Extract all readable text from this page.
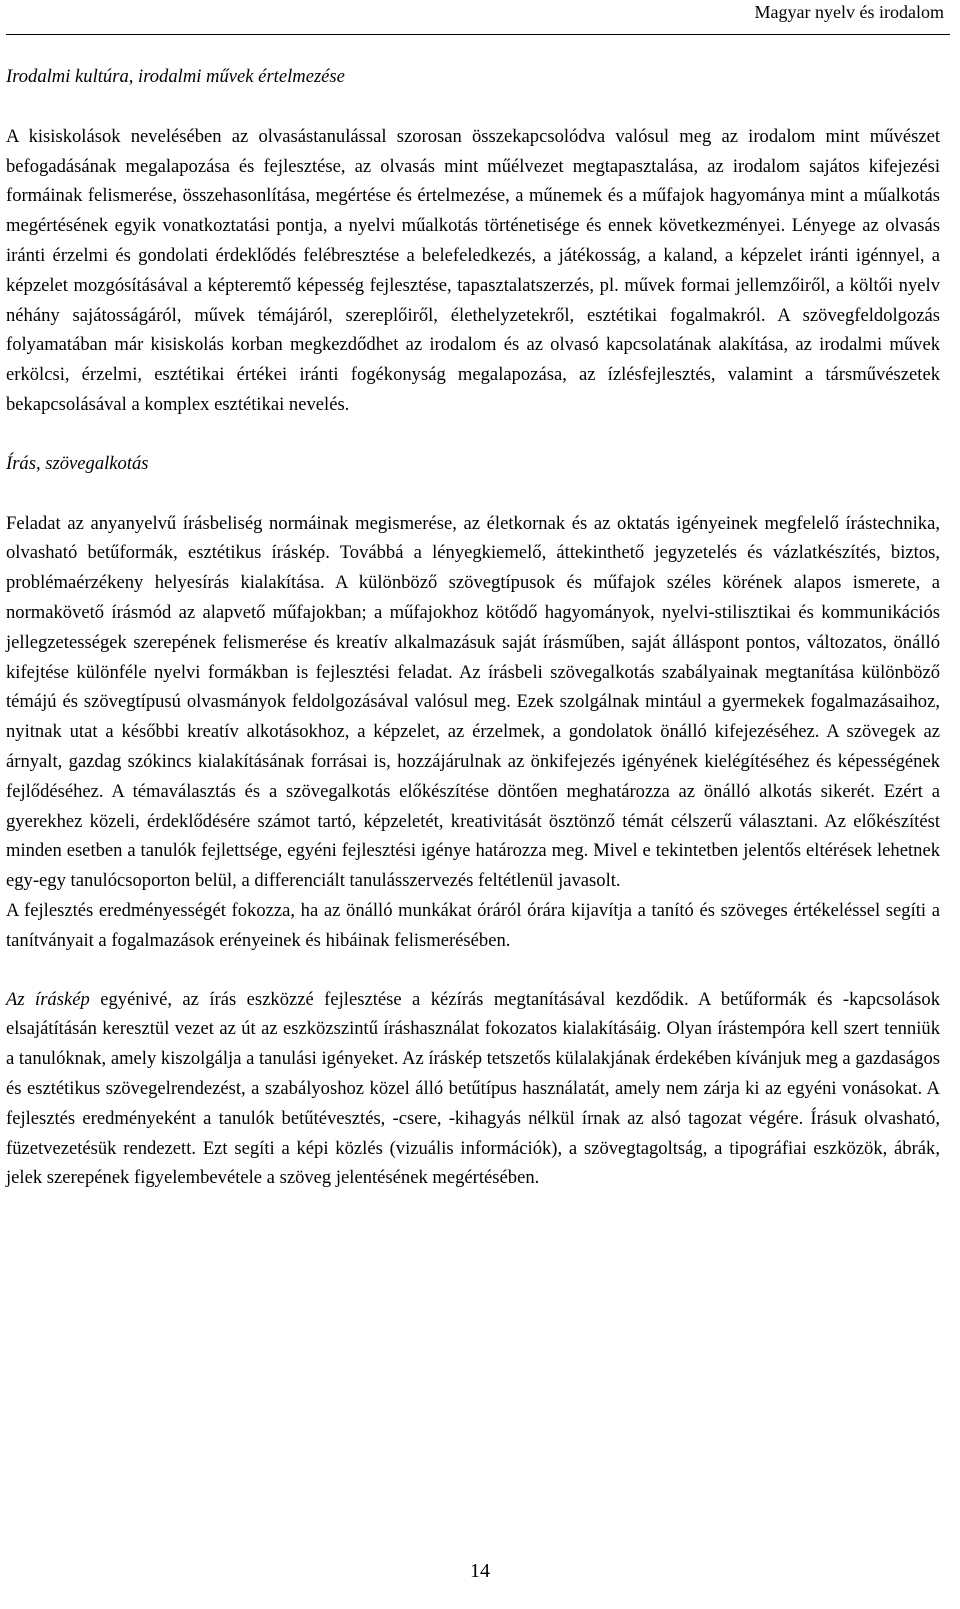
Magyar nyelv és irodalom

Irodalmi kultúra, irodalmi művek értelmezése

A kisiskolások nevelésében az olvasástanulással szorosan összekapcsolódva valósul meg az irodalom mint művészet befogadásának megalapozása és fejlesztése, az olvasás mint műélvezet megtapasztalása, az irodalom sajátos kifejezési formáinak felismerése, összehasonlítása, megértése és értelmezése, a műnemek és a műfajok hagyománya mint a műalkotás megértésének egyik vonatkoztatási pontja, a nyelvi műalkotás történetisége és ennek következményei. Lényege az olvasás iránti érzelmi és gondolati érdeklődés felébresztése a belefeledkezés, a játékosság, a kaland, a képzelet iránti igénnyel, a képzelet mozgósításával a képteremtő képesség fejlesztése, tapasztalatszerzés, pl. művek formai jellemzőiről, a költői nyelv néhány sajátosságáról, művek témájáról, szereplőiről, élethelyzetekről, esztétikai fogalmakról. A szövegfeldolgozás folyamatában már kisiskolás korban megkezdődhet az irodalom és az olvasó kapcsolatának alakítása, az irodalmi művek erkölcsi, érzelmi, esztétikai értékei iránti fogékonyság megalapozása, az ízlésfejlesztés, valamint a társművészetek bekapcsolásával a komplex esztétikai nevelés.

Írás, szövegalkotás

Feladat az anyanyelvű írásbeliség normáinak megismerése, az életkornak és az oktatás igényeinek megfelelő írástechnika, olvasható betűformák, esztétikus íráskép. Továbbá a lényegkiemelő, áttekinthető jegyzetelés és vázlatkészítés, biztos, problémaérzékeny helyesírás kialakítása. A különböző szövegtípusok és műfajok széles körének alapos ismerete, a normakövető írásmód az alapvető műfajokban; a műfajokhoz kötődő hagyományok, nyelvi-stilisztikai és kommunikációs jellegzetességek szerepének felismerése és kreatív alkalmazásuk saját írásműben, saját álláspont pontos, változatos, önálló kifejtése különféle nyelvi formákban is fejlesztési feladat. Az írásbeli szövegalkotás szabályainak megtanítása különböző témájú és szövegtípusú olvasmányok feldolgozásával valósul meg. Ezek szolgálnak mintául a gyermekek fogalmazásaihoz, nyitnak utat a későbbi kreatív alkotásokhoz, a képzelet, az érzelmek, a gondolatok önálló kifejezéséhez. A szövegek az árnyalt, gazdag szókincs kialakításának forrásai is, hozzájárulnak az önkifejezés igényének kielégítéséhez és képességének fejlődéséhez. A témaválasztás és a szövegalkotás előkészítése döntően meghatározza az önálló alkotás sikerét. Ezért a gyerekhez közeli, érdeklődésére számot tartó, képzeletét, kreativitását ösztönző témát célszerű választani. Az előkészítést minden esetben a tanulók fejlettsége, egyéni fejlesztési igénye határozza meg. Mivel e tekintetben jelentős eltérések lehetnek egy-egy tanulócsoporton belül, a differenciált tanulásszervezés feltétlenül javasolt.

A fejlesztés eredményességét fokozza, ha az önálló munkákat óráról órára kijavítja a tanító és szöveges értékeléssel segíti a tanítványait a fogalmazások erényeinek és hibáinak felismerésében.

Az íráskép egyénivé, az írás eszközzé fejlesztése a kézírás megtanításával kezdődik. A betűformák és -kapcsolások elsajátításán keresztül vezet az út az eszközszintű íráshasználat fokozatos kialakításáig. Olyan írástempóra kell szert tenniük a tanulóknak, amely kiszolgálja a tanulási igényeket. Az íráskép tetszetős külalakjának érdekében kívánjuk meg a gazdaságos és esztétikus szövegelrendezést, a szabályoshoz közel álló betűtípus használatát, amely nem zárja ki az egyéni vonásokat. A fejlesztés eredményeként a tanulók betűtévesztés, -csere, -kihagyás nélkül írnak az alsó tagozat végére. Írásuk olvasható, füzetvezetésük rendezett. Ezt segíti a képi közlés (vizuális információk), a szövegtagoltság, a tipográfiai eszközök, ábrák, jelek szerepének figyelembevétele a szöveg jelentésének megértésében.

14
